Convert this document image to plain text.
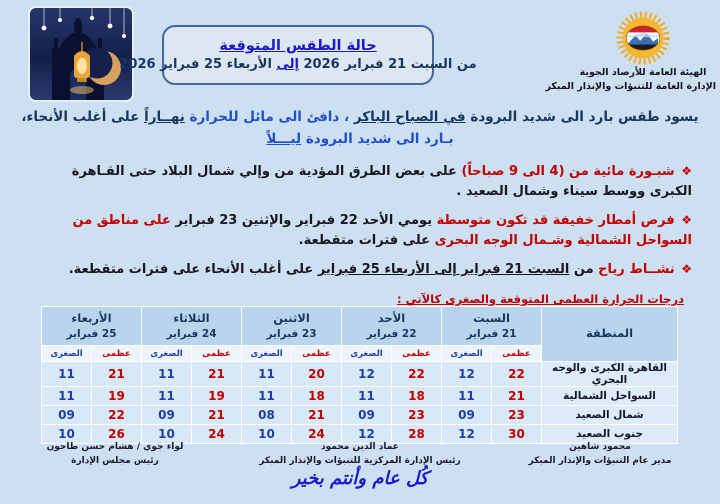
حالة الطقس المتوقعة
من السبت 21 فبراير 2026 إلى الأربعاء 25 فبراير 2026
الهيئة العامة للأرصاد الجوية
الإدارة العامة للتنبؤات والإنذار المبكر
يسود طقس بارد الى شديد البرودة في الصباح الباكر ، دافئ الى مائل للحرارة نهــاراً على أغلب الأنحاء،
بـارد الى شديد البرودة ليـــلاً
❖ شبـورة مائية من (4 الى 9 صباحاً) على بعض الطرق المؤدية من وإلي شمال البلاد حتى القـاهرة الكبرى ووسط سيناء وشمال الصعيد .
❖ فرص أمطار خفيفة قد تكون متوسطة يومي الأحد 22 فبراير والإثنين 23 فبراير على مناطق من السواحل الشمالية وشـمال الوجه البحرى على فترات متقطعة.
❖ نشــاط رياح من السبت 21 فبراير إلى الأربعاء 25 فبراير على أغلب الأنحاء على فترات متقطعة.
درجات الحرارة العظمى المتوقعة والصغرى كالآتي :
المنطقة	
السبت
21 فبراير

الأحد
22 فبراير

الاثنين
23 فبراير

الثلاثاء
24 فبراير

الأربعاء
25 فبراير

	عظمى	الصغرى	عظمى	الصغرى	عظمى	الصغرى	عظمى	الصغرى	عظمى	الصغرى
القاهرة الكبرى والوجه البحري	22	12	22	12	20	11	21	11	21	11
السواحل الشمالية	21	11	18	11	18	11	19	11	19	11
شمال الصعيد	23	09	23	09	21	08	21	09	22	09
جنوب الصعيد	30	12	28	12	24	10	24	10	26	10
محمود شاهين
مدير عام التنبؤات والإنذار المبكر
عماد الدين محمود
رئيس الإدارة المركزية للتنبؤات والإنذار المبكر
لواء جوي / هشام حسن طاحون
رئيس مجلس الإدارة
كُل عام وأنتم بخير
